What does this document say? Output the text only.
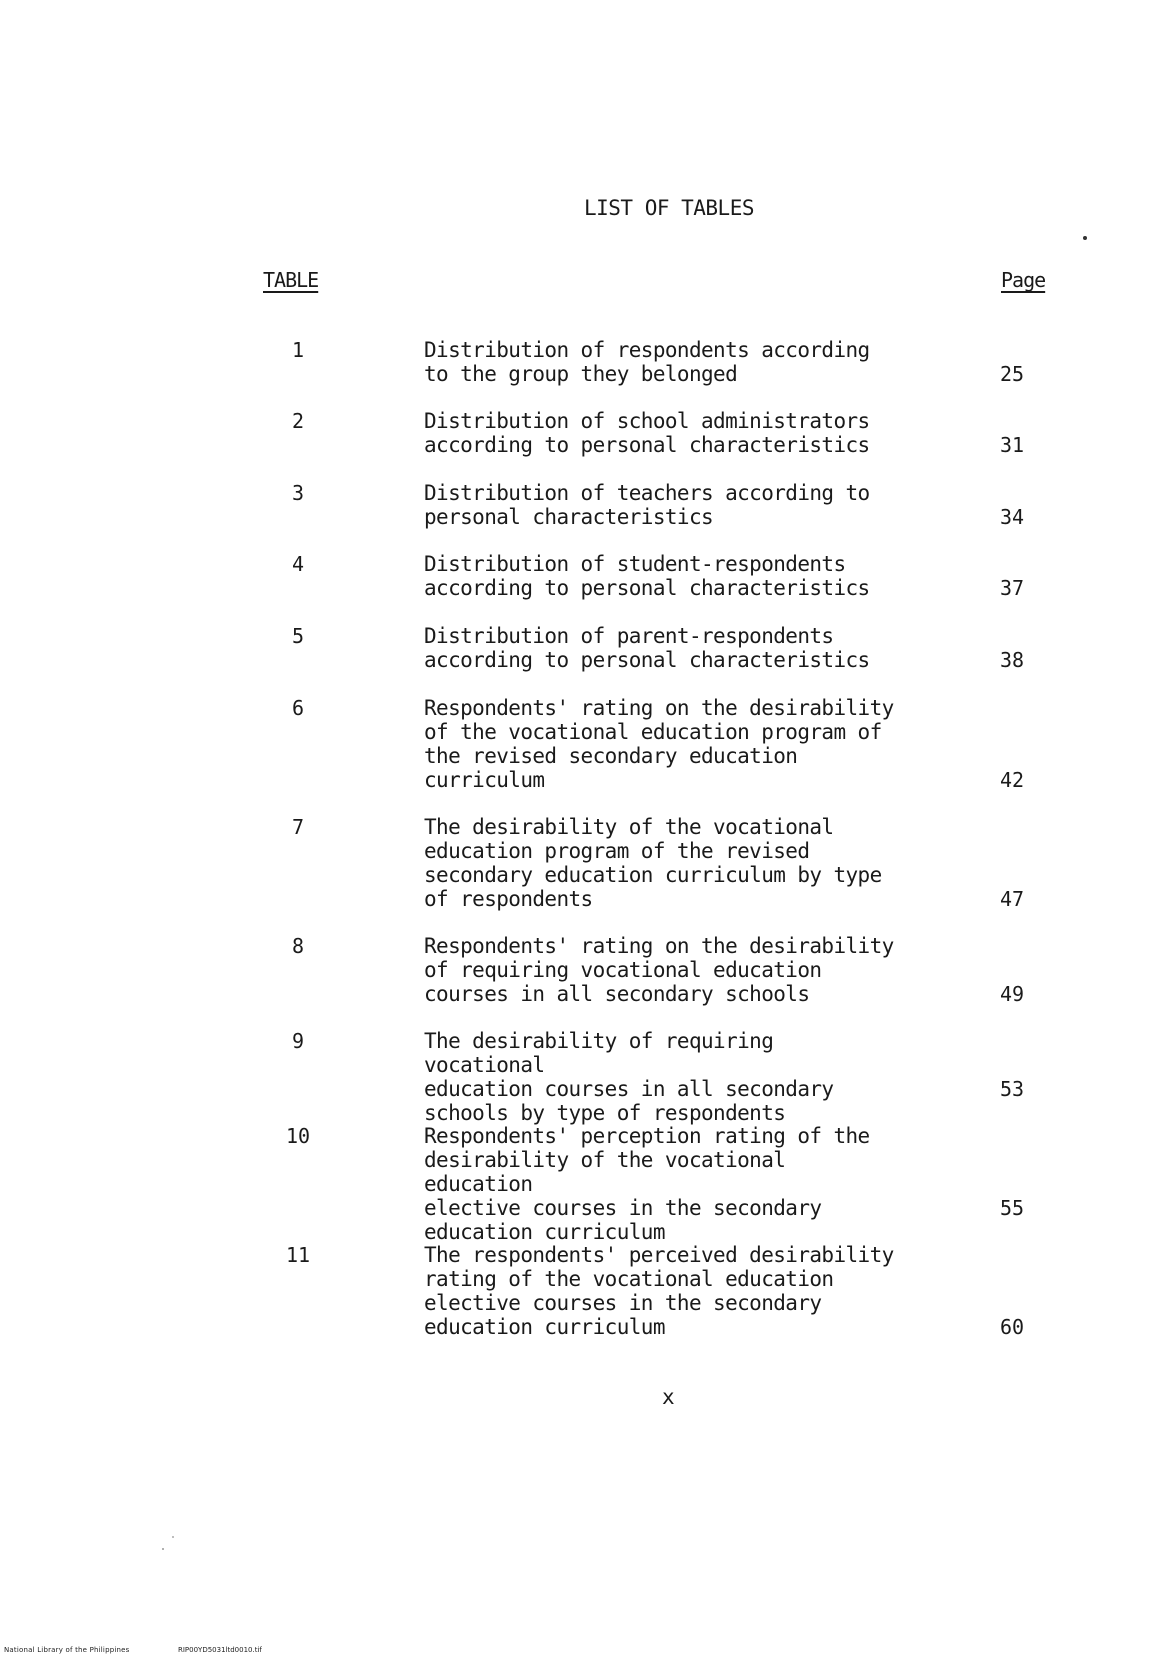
LIST OF TABLES
TABLE	Page
1	Distribution of respondents according
to the group they belonged	25
2	Distribution of school administrators
according to personal characteristics	31
3	Distribution of teachers according to
personal characteristics	34
4	Distribution of student-respondents
according to personal characteristics	37
5	Distribution of parent-respondents
according to personal characteristics	38
6	Respondents' rating on the desirability
of the vocational education program of
the revised secondary education
curriculum	42
7	The desirability of the vocational
education program of the revised
secondary education curriculum by type
of respondents	47
8	Respondents' rating on the desirability
of requiring vocational education
courses in all secondary schools	49
9	The desirability of requiring vocational
education courses in all secondary
schools by type of respondents
53
10	Respondents' perception rating of the
desirability of the vocational education
elective courses in the secondary
education curriculum
55
11	The respondents' perceived desirability
rating of the vocational education
elective courses in the secondary
education curriculum	60
x
National Library of the Philippines	RIP00YD5031ltd0010.tif
